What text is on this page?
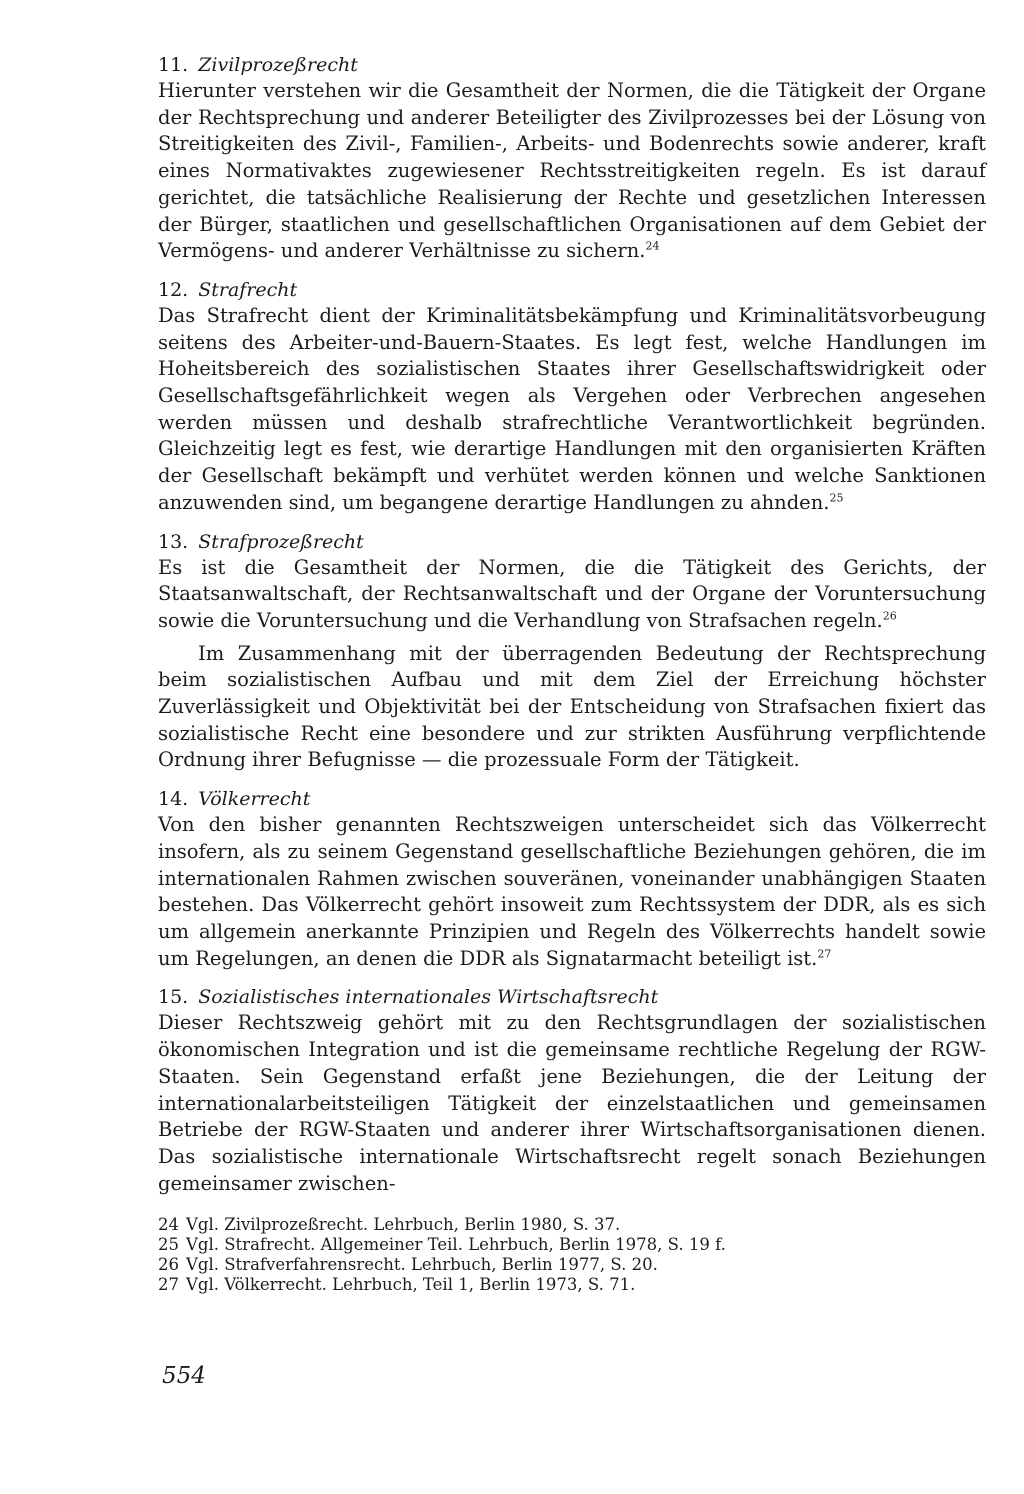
11. Zivilprozeßrecht

Hierunter verstehen wir die Gesamtheit der Normen, die die Tätigkeit der Organe der Rechtsprechung und anderer Beteiligter des Zivilprozesses bei der Lösung von Streitigkeiten des Zivil-, Familien-, Arbeits- und Bodenrechts sowie anderer, kraft eines Normativaktes zugewiesener Rechtsstreitigkeiten regeln. Es ist darauf gerichtet, die tatsächliche Realisierung der Rechte und gesetzlichen Interessen der Bürger, staatlichen und gesellschaftlichen Organisationen auf dem Gebiet der Vermögens- und anderer Verhältnisse zu sichern.$^{24}$

12. Strafrecht

Das Strafrecht dient der Kriminalitätsbekämpfung und Kriminalitätsvorbeugung seitens des Arbeiter-und-Bauern-Staates. Es legt fest, welche Handlungen im Hoheitsbereich des sozialistischen Staates ihrer Gesellschaftswidrigkeit oder Gesellschaftsgefährlichkeit wegen als Vergehen oder Verbrechen angesehen werden müssen und deshalb strafrechtliche Verantwortlichkeit begründen. Gleichzeitig legt es fest, wie derartige Handlungen mit den organisierten Kräften der Gesellschaft bekämpft und verhütet werden können und welche Sanktionen anzuwenden sind, um begangene derartige Handlungen zu ahnden.$^{25}$

13. Strafprozeßrecht

Es ist die Gesamtheit der Normen, die die Tätigkeit des Gerichts, der Staatsanwaltschaft, der Rechtsanwaltschaft und der Organe der Voruntersuchung sowie die Voruntersuchung und die Verhandlung von Strafsachen regeln.$^{26}$

Im Zusammenhang mit der überragenden Bedeutung der Rechtsprechung beim sozialistischen Aufbau und mit dem Ziel der Erreichung höchster Zuverlässigkeit und Objektivität bei der Entscheidung von Strafsachen fixiert das sozialistische Recht eine besondere und zur strikten Ausführung verpflichtende Ordnung ihrer Befugnisse — die prozessuale Form der Tätigkeit.

14. Völkerrecht

Von den bisher genannten Rechtszweigen unterscheidet sich das Völkerrecht insofern, als zu seinem Gegenstand gesellschaftliche Beziehungen gehören, die im internationalen Rahmen zwischen souveränen, voneinander unabhängigen Staaten bestehen. Das Völkerrecht gehört insoweit zum Rechtssystem der DDR, als es sich um allgemein anerkannte Prinzipien und Regeln des Völkerrechts handelt sowie um Regelungen, an denen die DDR als Signatarmacht beteiligt ist.$^{27}$

15. Sozialistisches internationales Wirtschaftsrecht

Dieser Rechtszweig gehört mit zu den Rechtsgrundlagen der sozialistischen ökonomischen Integration und ist die gemeinsame rechtliche Regelung der RGW-Staaten. Sein Gegenstand erfaßt jene Beziehungen, die der Leitung der internationalarbeitsteiligen Tätigkeit der einzelstaatlichen und gemeinsamen Betriebe der RGW-Staaten und anderer ihrer Wirtschaftsorganisationen dienen. Das sozialistische internationale Wirtschaftsrecht regelt sonach Beziehungen gemeinsamer zwischen-

24 Vgl. Zivilprozeßrecht. Lehrbuch, Berlin 1980, S. 37.

25 Vgl. Strafrecht. Allgemeiner Teil. Lehrbuch, Berlin 1978, S. 19 f.

26 Vgl. Strafverfahrensrecht. Lehrbuch, Berlin 1977, S. 20.

27 Vgl. Völkerrecht. Lehrbuch, Teil 1, Berlin 1973, S. 71.

554
